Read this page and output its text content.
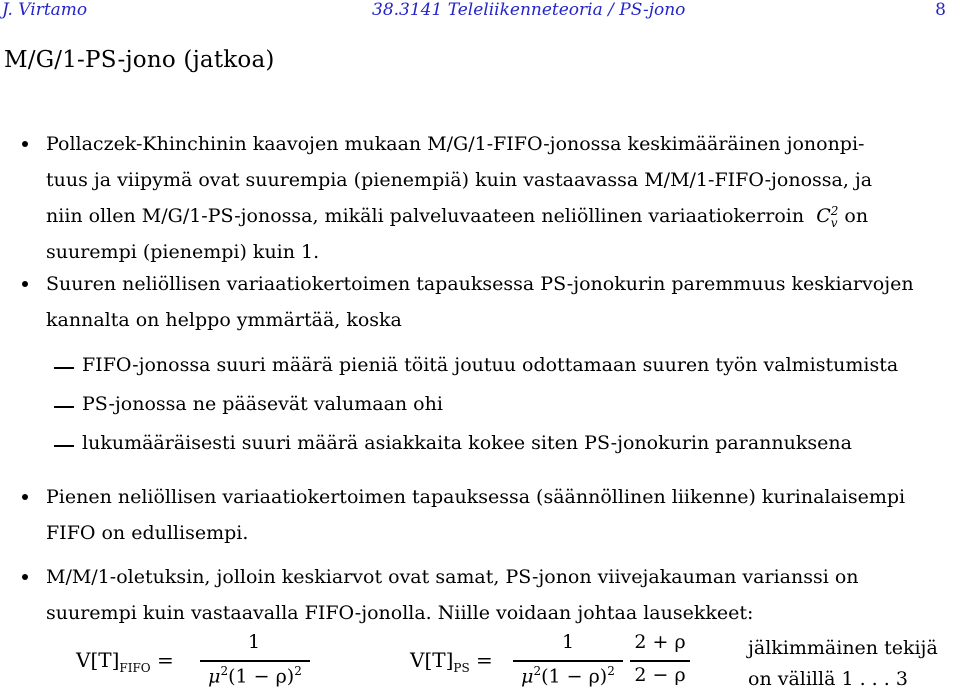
J. Virtamo	38.3141 Teleliikenneteoria / PS-jono	8
M/G/1-PS-jono (jatkoa)
Pollaczek-Khinchinin kaavojen mukaan M/G/1-FIFO-jonossa keskimääräinen jononpi-
tuus ja viipymä ovat suurempia (pienempiä) kuin vastaavassa M/M/1-FIFO-jonossa, ja
niin ollen M/G/1-PS-jonossa, mikäli palveluvaateen neliöllinen variaatiokerroin C 2
v on
suurempi (pienempi) kuin 1.
Suuren neliöllisen variaatiokertoimen tapauksessa PS-jonokurin paremmuus keskiarvojen
kannalta on helppo ymmärtää, koska
FIFO-jonossa suuri määrä pieniä töitä joutuu odottamaan suuren työn valmistumista
PS-jonossa ne pääsevät valumaan ohi
lukumääräisesti suuri määrä asiakkaita kokee siten PS-jonokurin parannuksena
Pienen neliöllisen variaatiokertoimen tapauksessa (säännöllinen liikenne) kurinalaisempi
FIFO on edullisempi.
M/M/1-oletuksin, jolloin keskiarvot ovat samat, PS-jonon viivejakauman varianssi on
suurempi kuin vastaavalla FIFO-jonolla. Niille voidaan johtaa lausekkeet:
$V[T]_{FIFO}$ =
1
$\mu^2(1 - \rho)^2$	$V[T]_{PS}$ =
1
$\mu^2(1 - \rho)^2$
2 + ρ
2 − ρ
jälkimmäinen tekijä
on välillä 1 . . . 3
